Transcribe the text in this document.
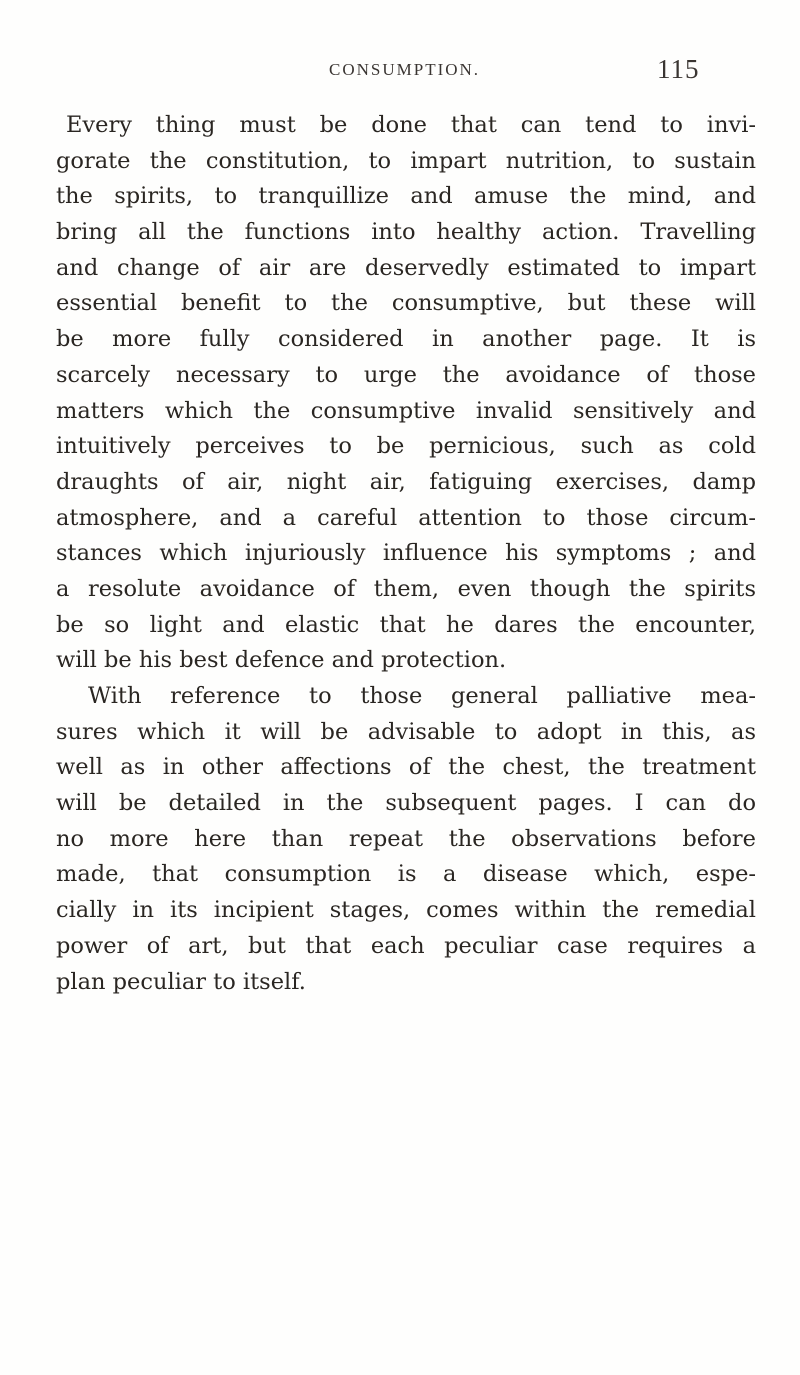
CONSUMPTION.	115
Every thing must be done that can tend to invi-
gorate the constitution, to impart nutrition, to sustain
the spirits, to tranquillize and amuse the mind, and
bring all the functions into healthy action. Travelling
and change of air are deservedly estimated to impart
essential benefit to the consumptive, but these will
be more fully considered in another page. It is
scarcely necessary to urge the avoidance of those
matters which the consumptive invalid sensitively and
intuitively perceives to be pernicious, such as cold
draughts of air, night air, fatiguing exercises, damp
atmosphere, and a careful attention to those circum-
stances which injuriously influence his symptoms ; and
a resolute avoidance of them, even though the spirits
be so light and elastic that he dares the encounter,
will be his best defence and protection.
With reference to those general palliative mea-
sures which it will be advisable to adopt in this, as
well as in other affections of the chest, the treatment
will be detailed in the subsequent pages. I can do
no more here than repeat the observations before
made, that consumption is a disease which, espe-
cially in its incipient stages, comes within the remedial
power of art, but that each peculiar case requires a
plan peculiar to itself.
